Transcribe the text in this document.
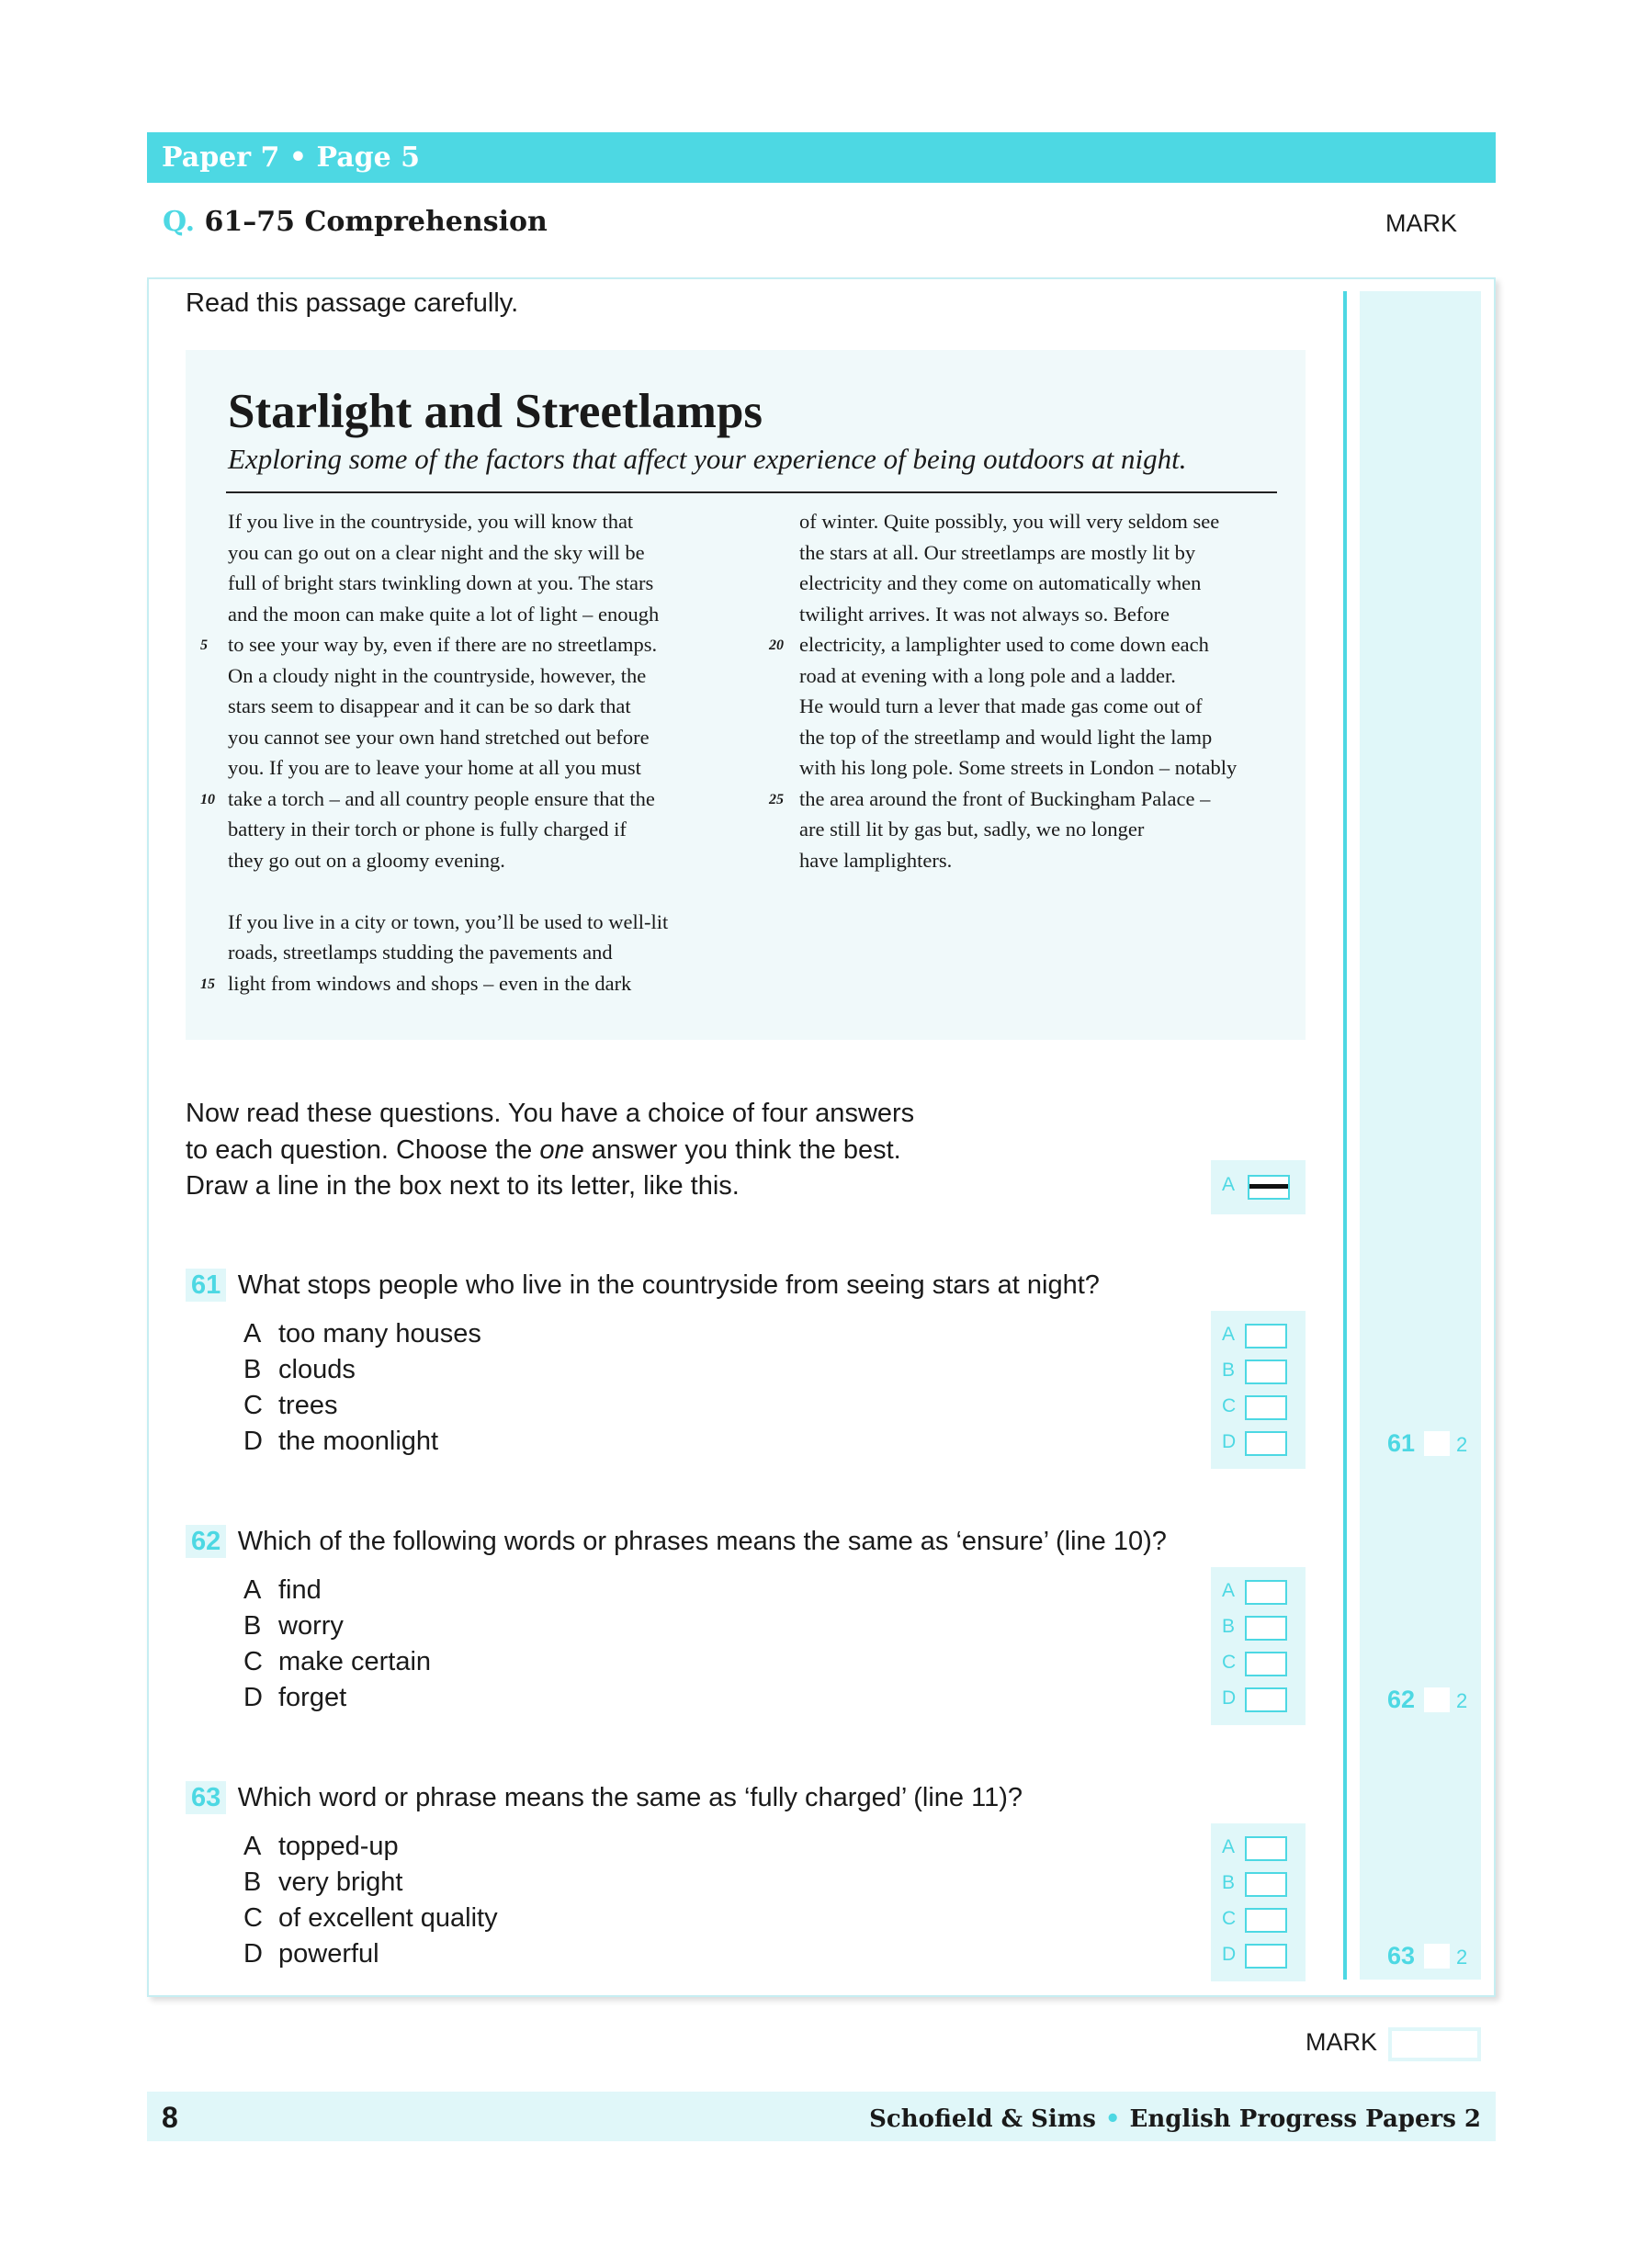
Paper 7 • Page 5
Q. 61–75 Comprehension	MARK
Read this passage carefully.
Starlight and Streetlamps
Exploring some of the factors that affect your experience of being outdoors at night.
If you live in the countryside, you will know that
you can go out on a clear night and the sky will be
full of bright stars twinkling down at you. The stars
and the moon can make quite a lot of light – enough
to see your way by, even if there are no streetlamps.
5
On a cloudy night in the countryside, however, the
stars seem to disappear and it can be so dark that
you cannot see your own hand stretched out before
you. If you are to leave your home at all you must
take a torch – and all country people ensure that the
10
battery in their torch or phone is fully charged if
they go out on a gloomy evening.
If you live in a city or town, you’ll be used to well-lit
roads, streetlamps studding the pavements and
light from windows and shops – even in the dark
15
of winter. Quite possibly, you will very seldom see
the stars at all. Our streetlamps are mostly lit by
electricity and they come on automatically when
twilight arrives. It was not always so. Before
electricity, a lamplighter used to come down each
20
road at evening with a long pole and a ladder.
He would turn a lever that made gas come out of
the top of the streetlamp and would light the lamp
with his long pole. Some streets in London – notably
the area around the front of Buckingham Palace –
25
are still lit by gas but, sadly, we no longer
have lamplighters.
Now read these questions. You have a choice of four answers
to each question. Choose the one answer you think the best.
Draw a line in the box next to its letter, like this.	A
61 What stops people who live in the countryside from seeing stars at night?
A
B
C
D
A too many houses
B clouds
C trees
D the moonlight	61 2
62 Which of the following words or phrases means the same as ‘ensure’ (line 10)?
A
B
C
D
A find
B worry
C make certain
D forget	62 2
63 Which word or phrase means the same as ‘fully charged’ (line 11)?
A
B
C
D
A topped-up
B very bright
C of excellent quality
D powerful	63 2
MARK
8	Schofield & Sims • English Progress Papers 2
